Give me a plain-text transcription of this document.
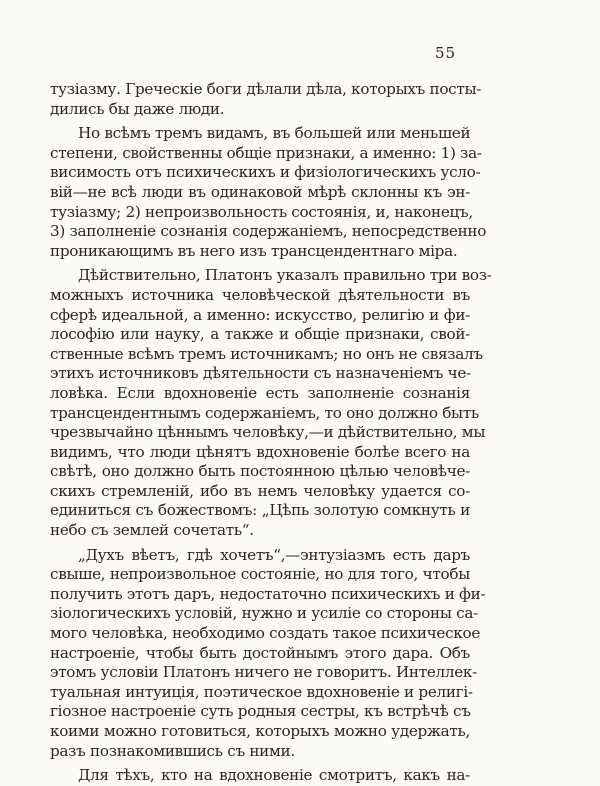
55
тузіазму. Греческіе боги дѣлали дѣла, которыхъ посты-
дились бы даже люди.
Но всѣмъ тремъ видамъ, въ большей или меньшей
степени, свойственны общіе признаки, а именно: 1) за-
висимость отъ психическихъ и физіологическихъ усло-
вій—не всѣ люди въ одинаковой мѣрѣ склонны къ эн-
тузіазму; 2) непроизвольность состоянія, и, наконецъ,
3) заполненіе сознанія содержаніемъ, непосредственно
проникающимъ въ него изъ трансцендентнаго міра.
Дѣйствительно, Платонъ указалъ правильно три воз-
можныхъ источника человѣческой дѣятельности въ
сферѣ идеальной, а именно: искусство, религію и фи-
лософію или науку, а также и общіе признаки, свой-
ственные всѣмъ тремъ источникамъ; но онъ не связалъ
этихъ источниковъ дѣятельности съ назначеніемъ че-
ловѣка. Если вдохновеніе есть заполненіе сознанія
трансцендентнымъ содержаніемъ, то оно должно быть
чрезвычайно цѣннымъ человѣку,—и дѣйствительно, мы
видимъ, что люди цѣнятъ вдохновеніе болѣе всего на
свѣтѣ, оно должно быть постоянною цѣлью человѣче-
скихъ стремленій, ибо въ немъ человѣку удается со-
единиться съ божествомъ: „Цѣпь золотую сомкнуть и
небо съ землей сочетать“.
„Духъ вѣетъ, гдѣ хочетъ“,—энтузіазмъ есть даръ
свыше, непроизвольное состояніе, но для того, чтобы
получить этотъ даръ, недостаточно психическихъ и фи-
зіологическихъ условій, нужно и усиліе со стороны са-
мого человѣка, необходимо создать такое психическое
настроеніе, чтобы быть достойнымъ этого дара. Объ
этомъ условіи Платонъ ничего не говоритъ. Интеллек-
туальная интуиція, поэтическое вдохновеніе и религі-
гіозное настроеніе суть родныя сестры, къ встрѣчѣ съ
коими можно готовиться, которыхъ можно удержать,
разъ познакомившись съ ними.
Для тѣхъ, кто на вдохновеніе смотритъ, какъ на-
